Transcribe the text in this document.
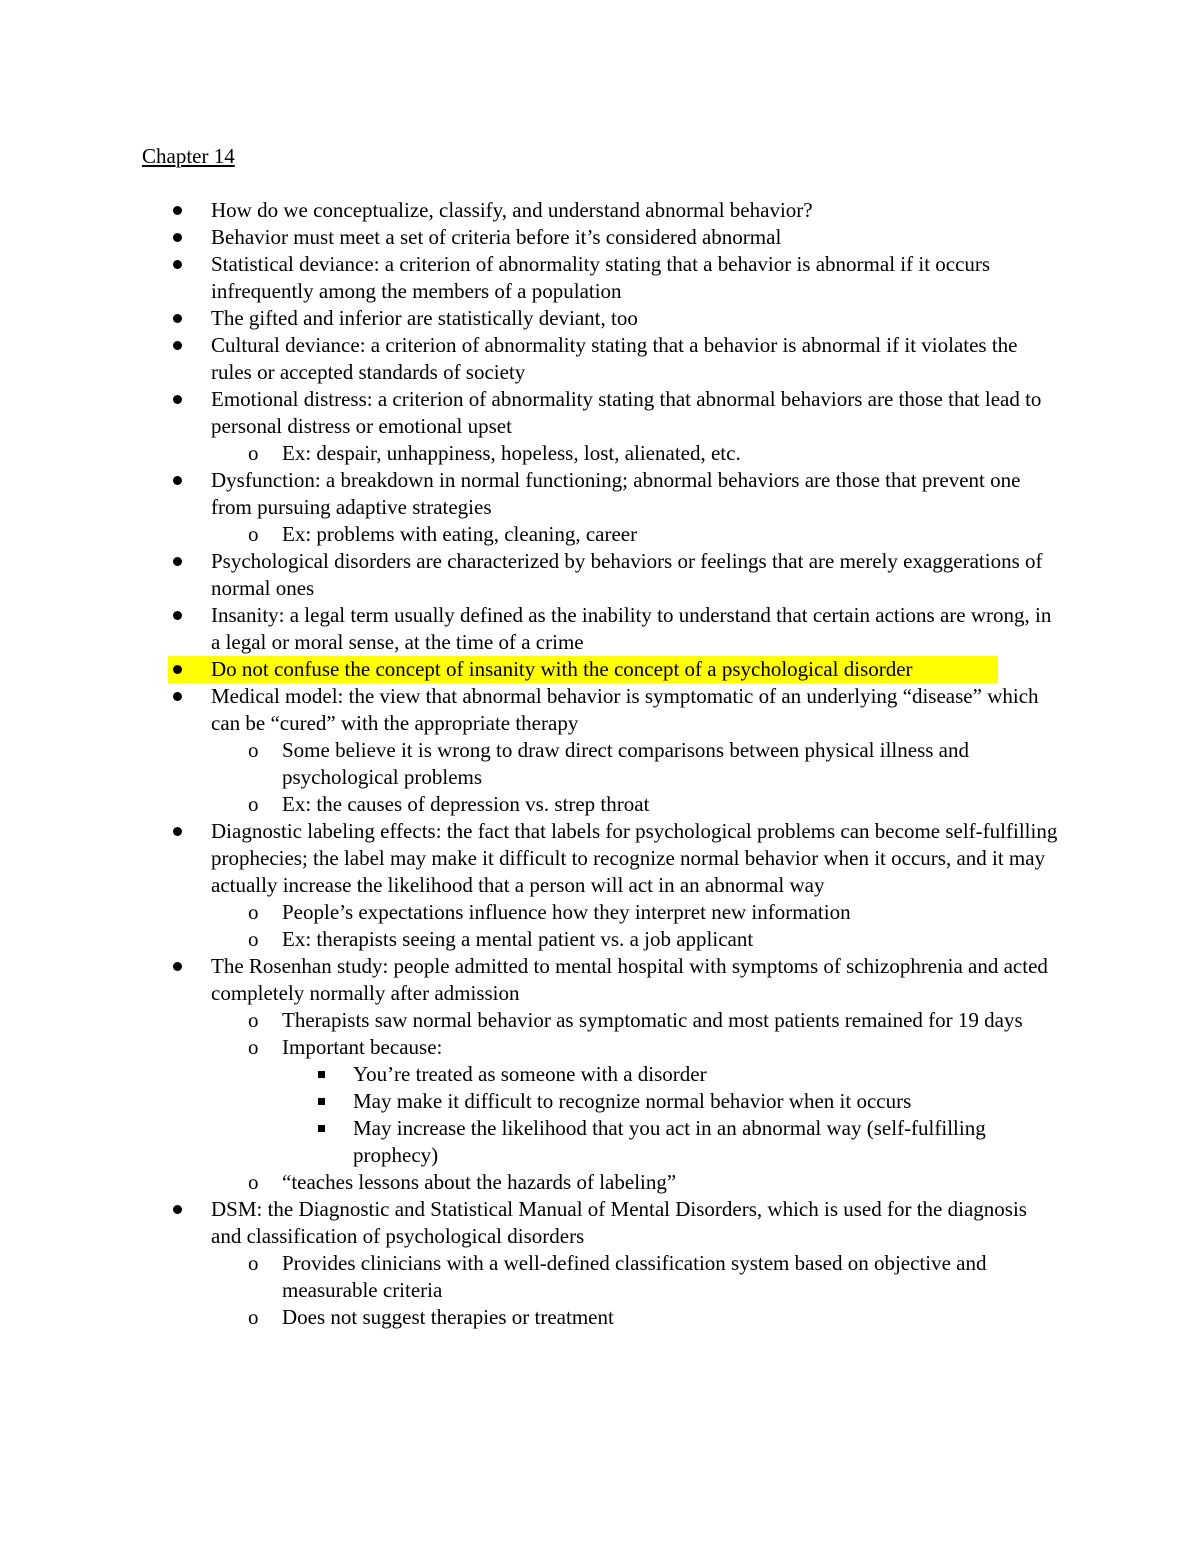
Chapter 14
How do we conceptualize, classify, and understand abnormal behavior?
Behavior must meet a set of criteria before it’s considered abnormal
Statistical deviance: a criterion of abnormality stating that a behavior is abnormal if it occurs infrequently among the members of a population
The gifted and inferior are statistically deviant, too
Cultural deviance: a criterion of abnormality stating that a behavior is abnormal if it violates the rules or accepted standards of society
Emotional distress: a criterion of abnormality stating that abnormal behaviors are those that lead to personal distress or emotional upset
o Ex: despair, unhappiness, hopeless, lost, alienated, etc.
Dysfunction: a breakdown in normal functioning; abnormal behaviors are those that prevent one from pursuing adaptive strategies
o Ex: problems with eating, cleaning, career
Psychological disorders are characterized by behaviors or feelings that are merely exaggerations of normal ones
Insanity: a legal term usually defined as the inability to understand that certain actions are wrong, in a legal or moral sense, at the time of a crime
Do not confuse the concept of insanity with the concept of a psychological disorder
Medical model: the view that abnormal behavior is symptomatic of an underlying “disease” which can be “cured” with the appropriate therapy
o Some believe it is wrong to draw direct comparisons between physical illness and psychological problems
o Ex: the causes of depression vs. strep throat
Diagnostic labeling effects: the fact that labels for psychological problems can become self-fulfilling prophecies; the label may make it difficult to recognize normal behavior when it occurs, and it may actually increase the likelihood that a person will act in an abnormal way
o People’s expectations influence how they interpret new information
o Ex: therapists seeing a mental patient vs. a job applicant
The Rosenhan study: people admitted to mental hospital with symptoms of schizophrenia and acted completely normally after admission
o Therapists saw normal behavior as symptomatic and most patients remained for 19 days
o Important because:
You’re treated as someone with a disorder
May make it difficult to recognize normal behavior when it occurs
May increase the likelihood that you act in an abnormal way (self-fulfilling prophecy)
o “teaches lessons about the hazards of labeling”
DSM: the Diagnostic and Statistical Manual of Mental Disorders, which is used for the diagnosis and classification of psychological disorders
o Provides clinicians with a well-defined classification system based on objective and measurable criteria
o Does not suggest therapies or treatment
